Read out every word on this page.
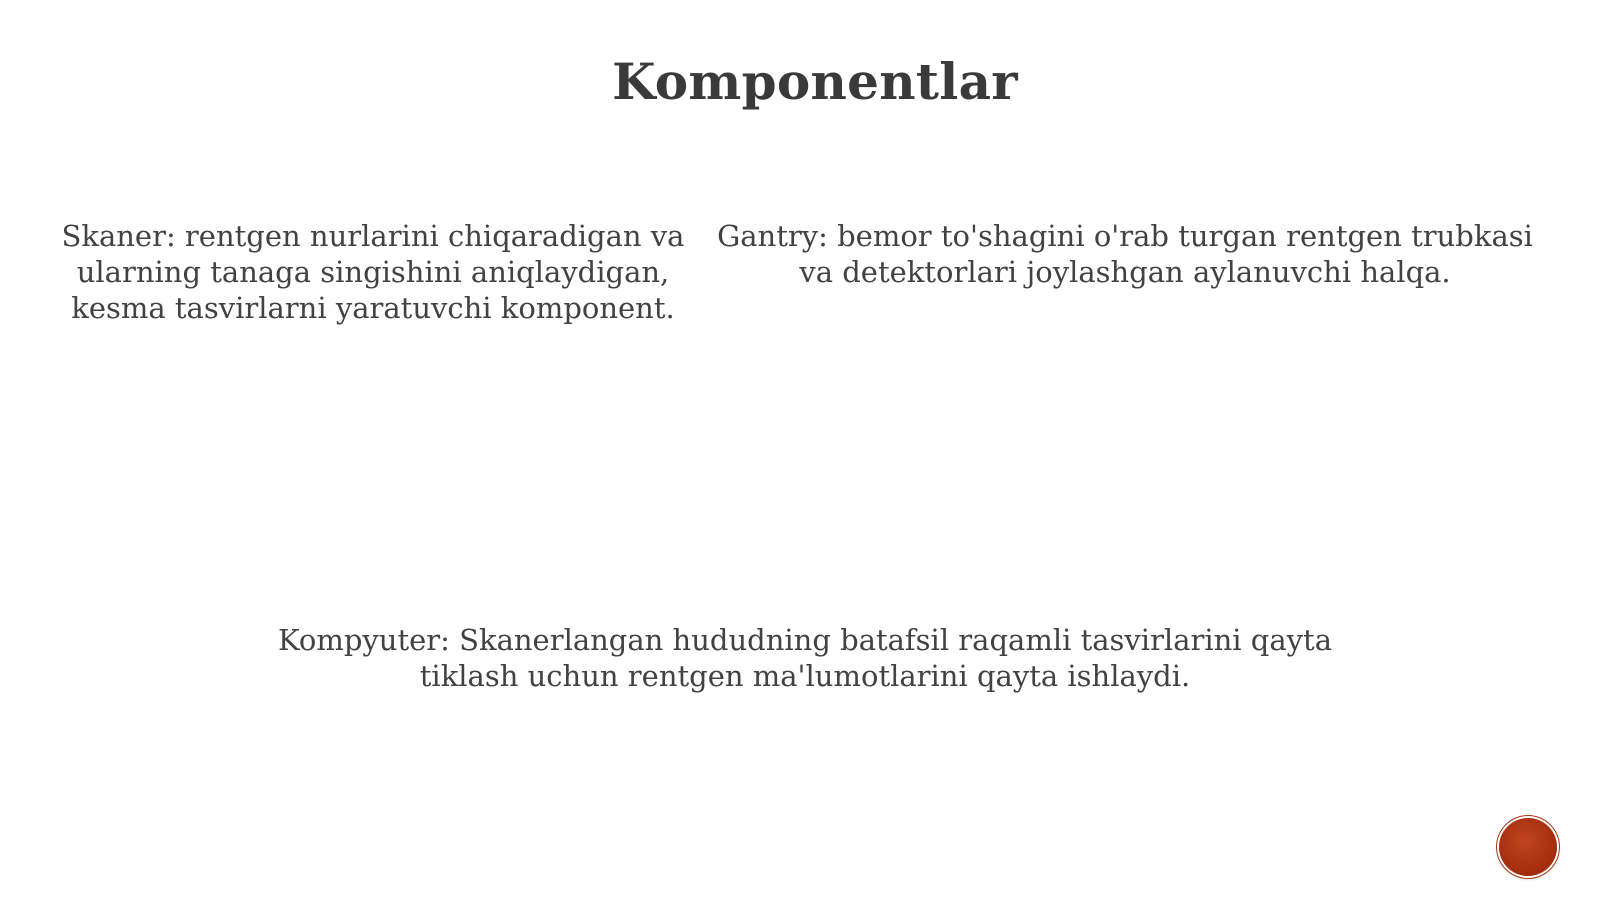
Komponentlar

Skaner: rentgen nurlarini chiqaradigan va ularning tanaga singishini aniqlaydigan, kesma tasvirlarni yaratuvchi komponent.

Gantry: bemor to'shagini o'rab turgan rentgen trubkasi va detektorlari joylashgan aylanuvchi halqa.

Kompyuter: Skanerlangan hududning batafsil raqamli tasvirlarini qayta tiklash uchun rentgen ma'lumotlarini qayta ishlaydi.
